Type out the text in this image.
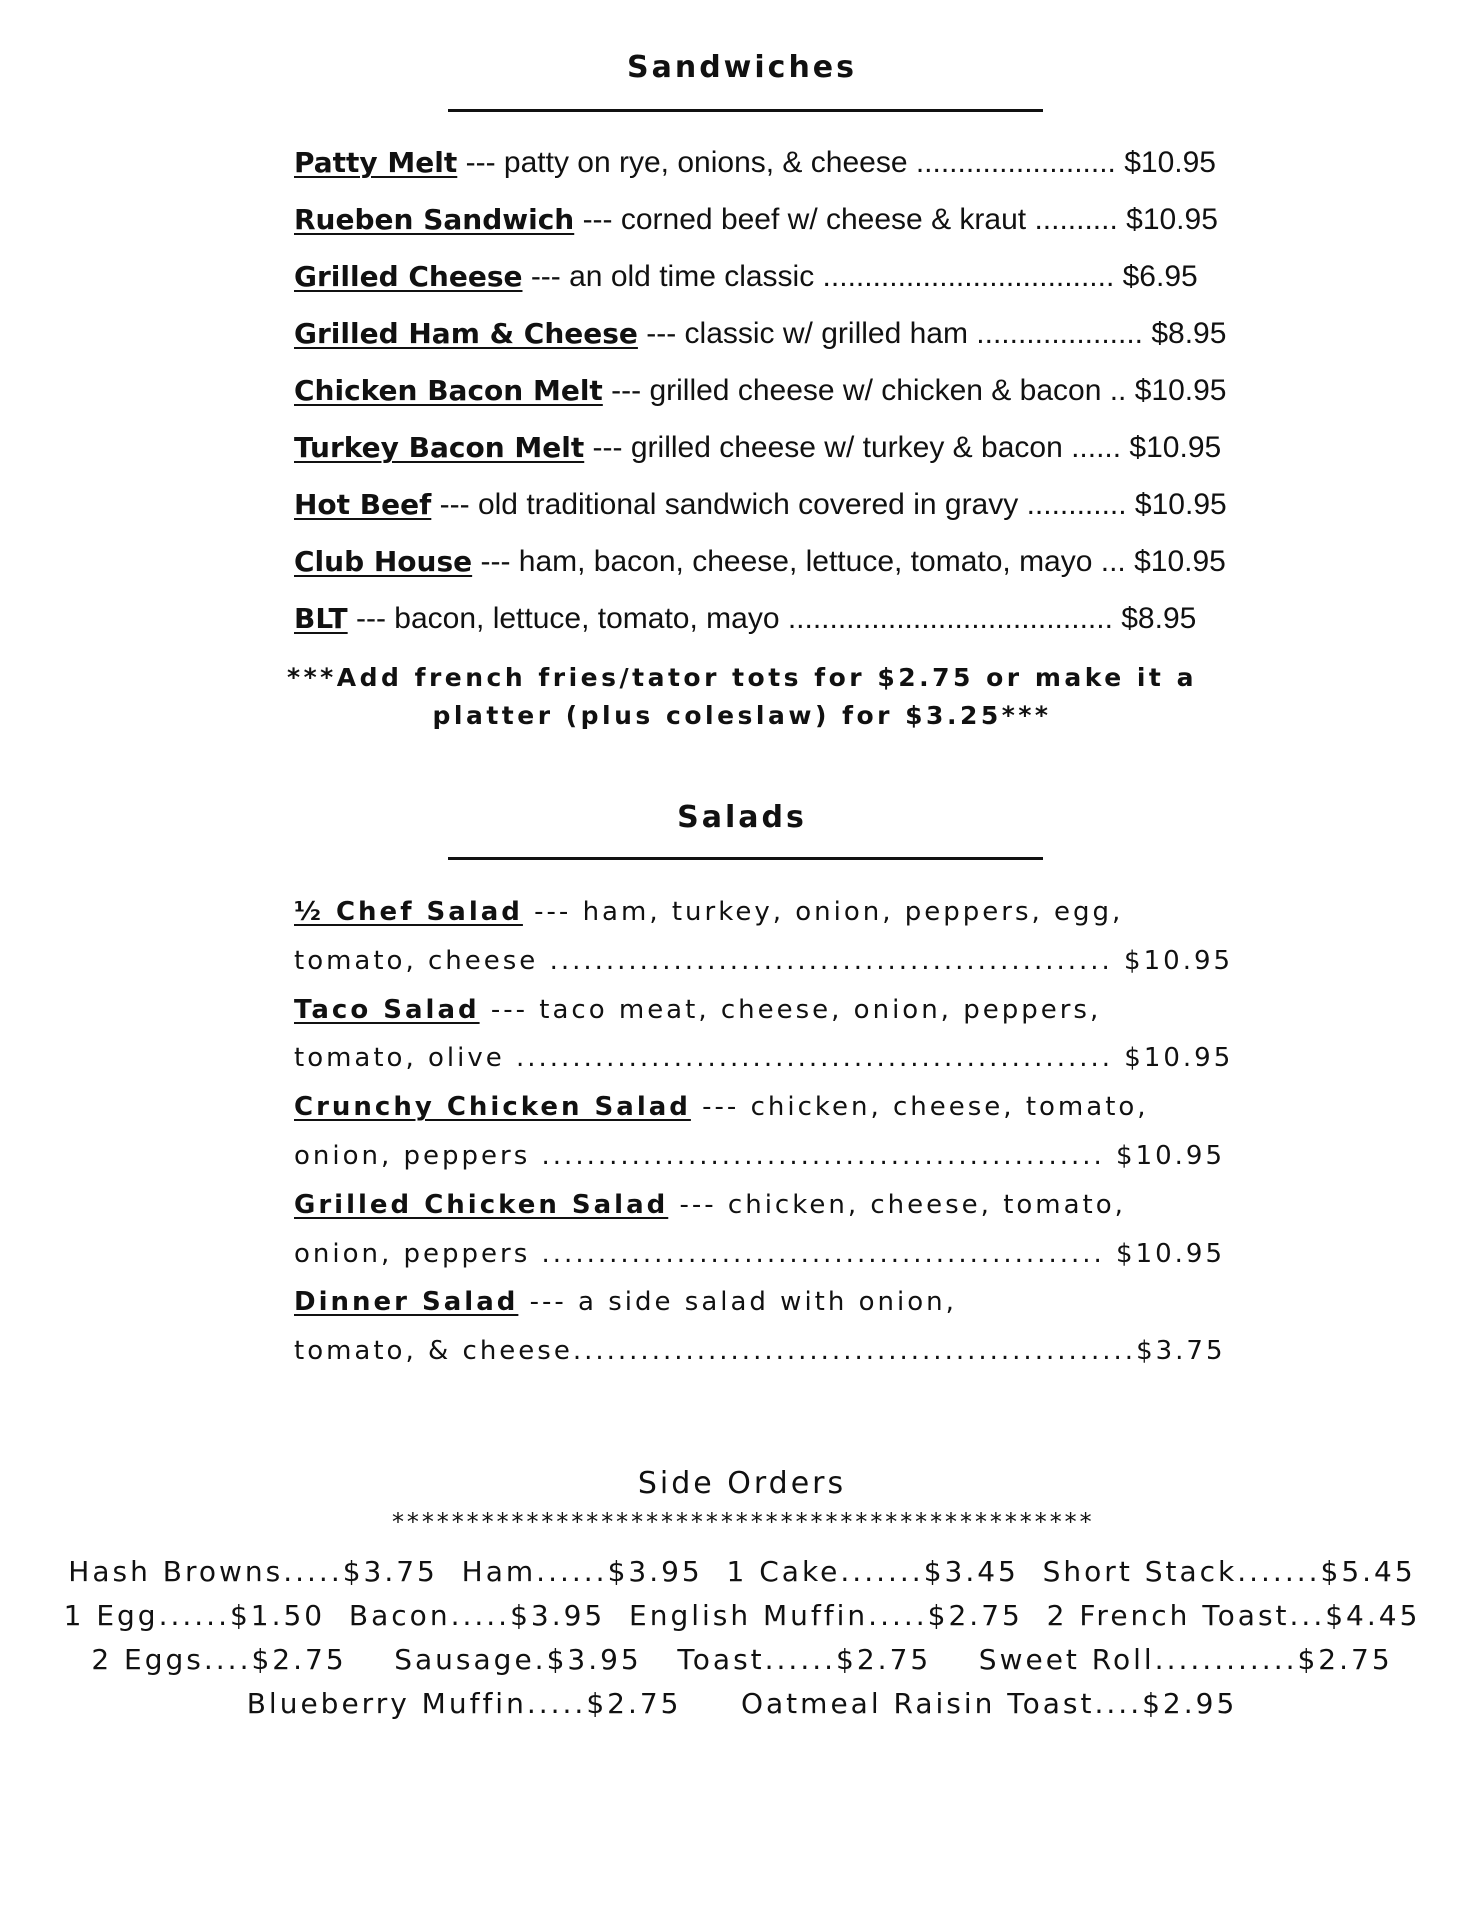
Sandwiches
Patty Melt --- patty on rye, onions, & cheese ........................ $10.95
Rueben Sandwich --- corned beef w/ cheese & kraut .......... $10.95
Grilled Cheese --- an old time classic ................................... $6.95
Grilled Ham & Cheese --- classic w/ grilled ham .................... $8.95
Chicken Bacon Melt --- grilled cheese w/ chicken & bacon .. $10.95
Turkey Bacon Melt --- grilled cheese w/ turkey & bacon ...... $10.95
Hot Beef --- old traditional sandwich covered in gravy ............ $10.95
Club House --- ham, bacon, cheese, lettuce, tomato, mayo ... $10.95
BLT --- bacon, lettuce, tomato, mayo ....................................... $8.95
***Add french fries/tator tots for $2.75 or make it a
platter (plus coleslaw) for $3.25***
Salads
½ Chef Salad --- ham, turkey, onion, peppers, egg,
tomato, cheese .................................................. $10.95
Taco Salad --- taco meat, cheese, onion, peppers,
tomato, olive ..................................................... $10.95
Crunchy Chicken Salad --- chicken, cheese, tomato,
onion, peppers .................................................. $10.95
Grilled Chicken Salad --- chicken, cheese, tomato,
onion, peppers .................................................. $10.95
Dinner Salad --- a side salad with onion,
tomato, & cheese..................................................$3.75
Side Orders
***********************************************
Hash Browns.....$3.75  Ham......$3.95  1 Cake.......$3.45  Short Stack.......$5.45
1 Egg......$1.50  Bacon.....$3.95  English Muffin.....$2.75  2 French Toast...$4.45
2 Eggs....$2.75    Sausage.$3.95   Toast......$2.75    Sweet Roll............$2.75
Blueberry Muffin.....$2.75     Oatmeal Raisin Toast....$2.95
